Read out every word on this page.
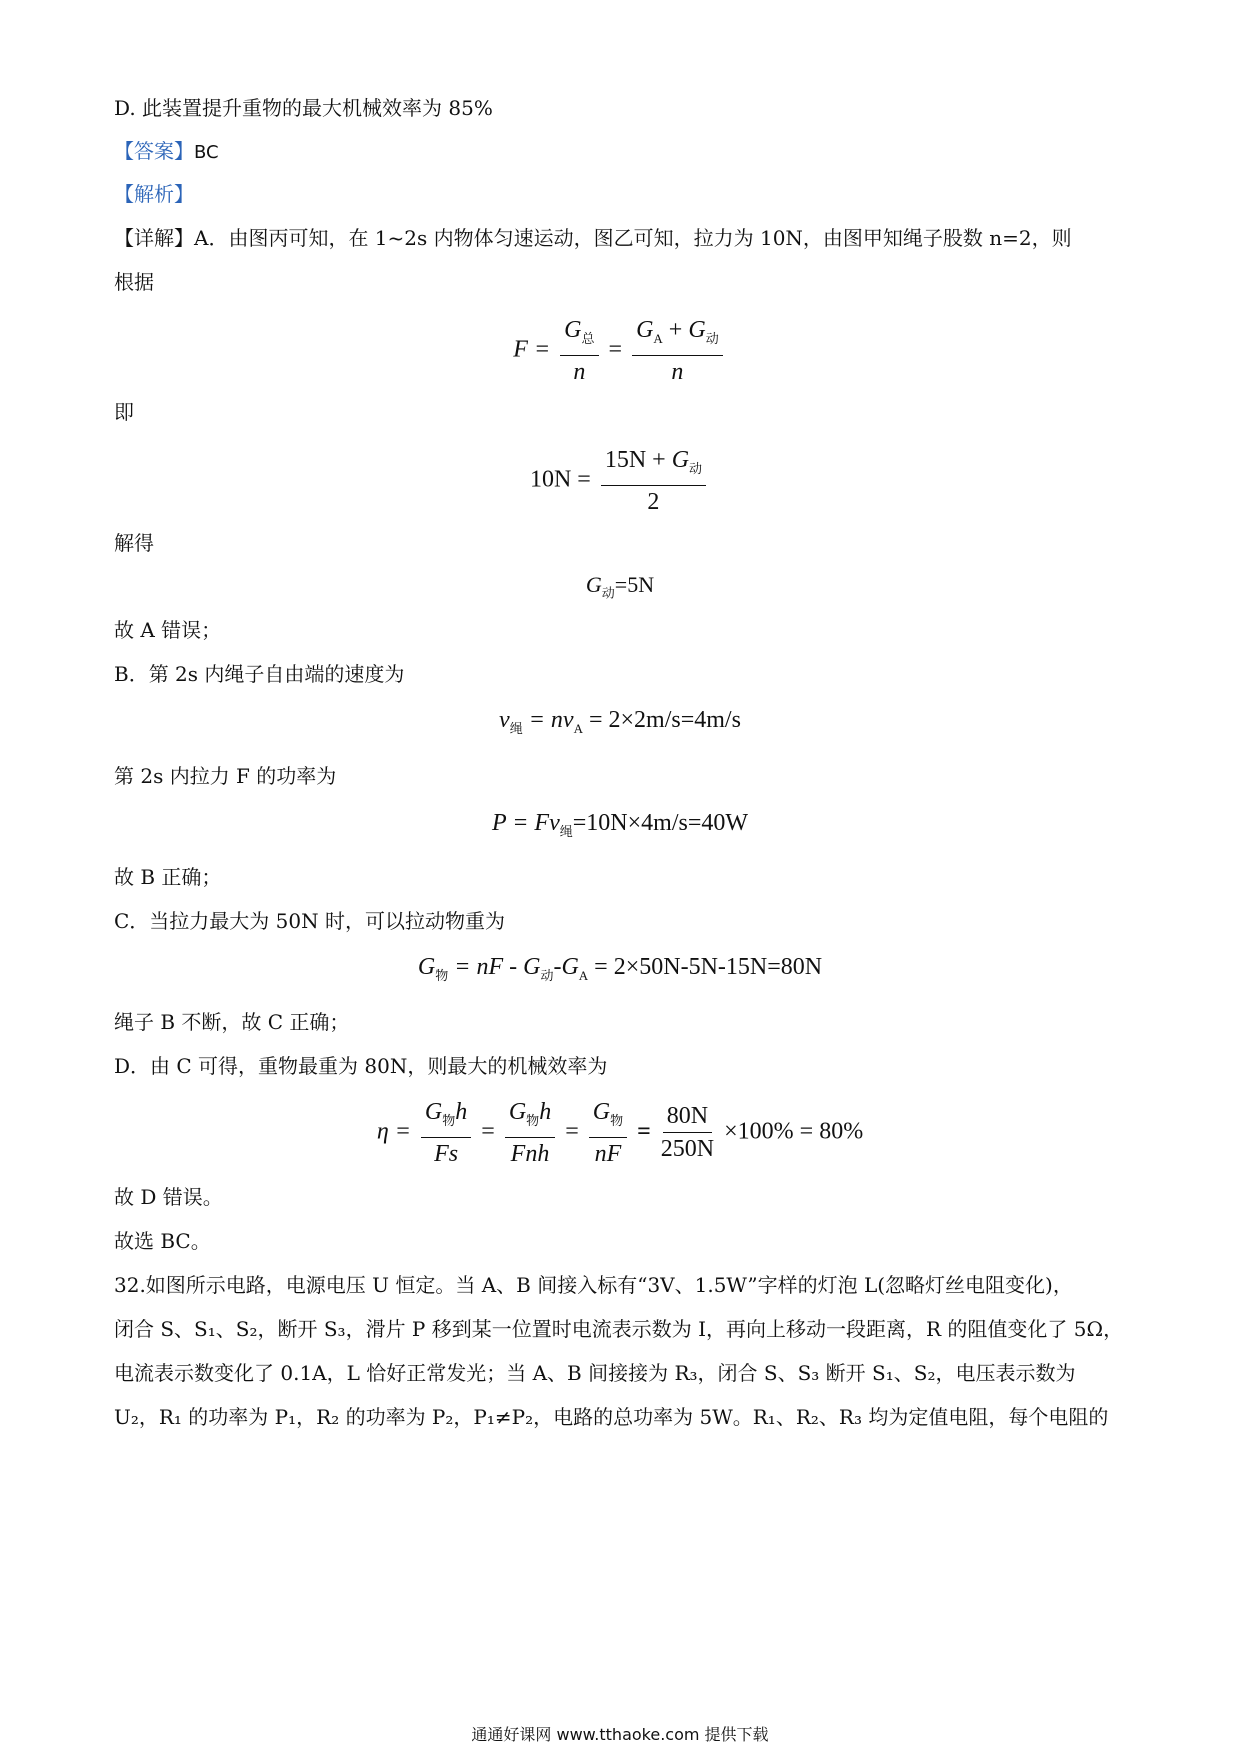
D. 此装置提升重物的最大机械效率为 85%
【答案】BC
【解析】
【详解】A．由图丙可知，在 1~2s 内物体匀速运动，图乙可知，拉力为 10N，由图甲知绳子股数 n=2，则
根据
$F = \frac{G_总}{n} = \frac{G_A + G_动}{n}$
即
$10N = \frac{15N + G_动}{2}$
解得
$G_动=5N$
故 A 错误；
B．第 2s 内绳子自由端的速度为
$v_绳 = nv_A = 2\times 2m/s=4m/s$
第 2s 内拉力 F 的功率为
$P = Fv_绳=10N\times 4m/s=40W$
故 B 正确；
C．当拉力最大为 50N 时，可以拉动物重为
$G_物$ = nF - $G_动-G_A = 2\times 50N-5N-15N=80N$
绳子 B 不断，故 C 正确；
D．由 C 可得，重物最重为 80N，则最大的机械效率为
$\eta = \frac{G_物h}{Fs} = \frac{G_物h}{\text{Fnh}} = \frac{G_物}{nF} = \frac{80N}{250N} \times 100\% = 80\%$
故 D 错误。
故选 BC。
32.如图所示电路，电源电压 U 恒定。当 A、B 间接入标有“3V、1.5W”字样的灯泡 L(忽略灯丝电阻变化)，
闭合 S、S₁、S₂，断开 S₃，滑片 P 移到某一位置时电流表示数为 I，再向上移动一段距离，R 的阻值变化了 5Ω，
电流表示数变化了 0.1A，L 恰好正常发光；当 A、B 间接接为 R₃，闭合 S、S₃ 断开 S₁、S₂，电压表示数为
U₂，R₁ 的功率为 P₁，R₂ 的功率为 P₂，P₁≠P₂，电路的总功率为 5W。R₁、R₂、R₃ 均为定值电阻，每个电阻的
通通好课网 www.tthaoke.com 提供下载
